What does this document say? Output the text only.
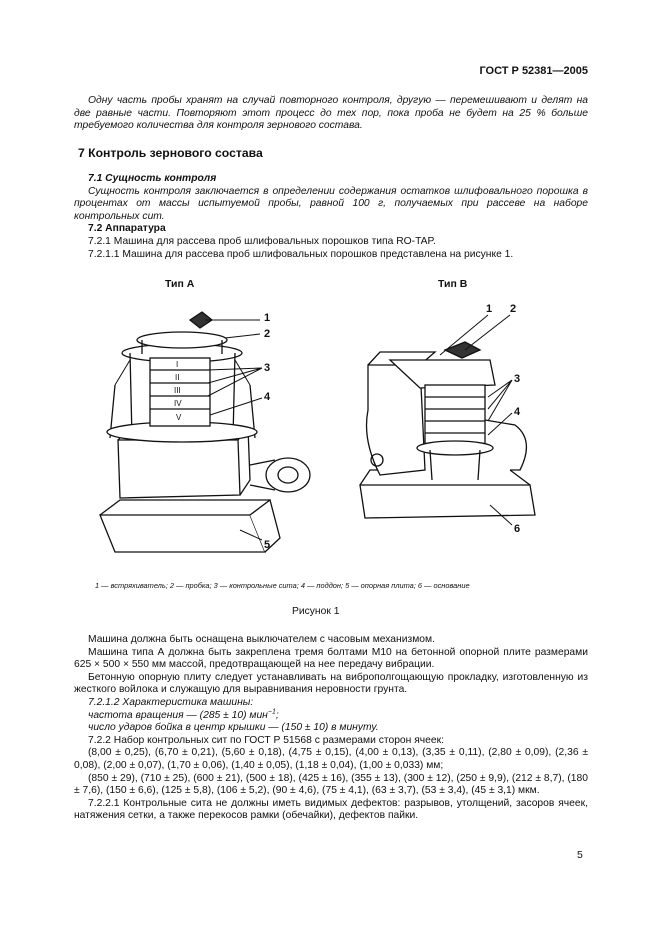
ГОСТ Р 52381—2005
Одну часть пробы хранят на случай повторного контроля, другую — перемешивают и делят на две равные части. Повторяют этот процесс до тех пор, пока проба не будет на 25 % больше требуемого количества для контроля зернового состава.
7 Контроль зернового состава
7.1 Сущность контроля
Сущность контроля заключается в определении содержания остатков шлифовального порошка в процентах от массы испытуемой пробы, равной 100 г, получаемых при рассеве на наборе контрольных сит.
7.2 Аппаратура
7.2.1 Машина для рассева проб шлифовальных порошков типа RO-TAP.
7.2.1.1 Машина для рассева проб шлифовальных порошков представлена на рисунке 1.
Тип А	Тип В
1
2
3
4
5
I
II
III
IV
V
1 2
3
4
6
1 — встряхиватель; 2 — пробка; 3 — контрольные сита; 4 — поддон; 5 — опорная плита; 6 — основание
Рисунок 1
Машина должна быть оснащена выключателем с часовым механизмом.
Машина типа А должна быть закреплена тремя болтами М10 на бетонной опорной плите размерами 625 × 500 × 550 мм массой, предотвращающей на нее передачу вибрации.
Бетонную опорную плиту следует устанавливать на виброполгощающую прокладку, изготовленную из жесткого войлока и служащую для выравнивания неровности грунта.
7.2.1.2 Характеристика машины:
частота вращения — (285 ± 10) мин$^{-1}$;
число ударов бойка в центр крышки — (150 ± 10) в минуту.
7.2.2 Набор контрольных сит по ГОСТ Р 51568 с размерами сторон ячеек:
(8,00 ± 0,25), (6,70 ± 0,21), (5,60 ± 0,18), (4,75 ± 0,15), (4,00 ± 0,13), (3,35 ± 0,11), (2,80 ± 0,09), (2,36 ± 0,08), (2,00 ± 0,07), (1,70 ± 0,06), (1,40 ± 0,05), (1,18 ± 0,04), (1,00 ± 0,033) мм;
(850 ± 29), (710 ± 25), (600 ± 21), (500 ± 18), (425 ± 16), (355 ± 13), (300 ± 12), (250 ± 9,9), (212 ± 8,7), (180 ± 7,6), (150 ± 6,6), (125 ± 5,8), (106 ± 5,2), (90 ± 4,6), (75 ± 4,1), (63 ± 3,7), (53 ± 3,4), (45 ± 3,1) мкм.
7.2.2.1 Контрольные сита не должны иметь видимых дефектов: разрывов, утолщений, засоров ячеек, натяжения сетки, а также перекосов рамки (обечайки), дефектов пайки.
5
